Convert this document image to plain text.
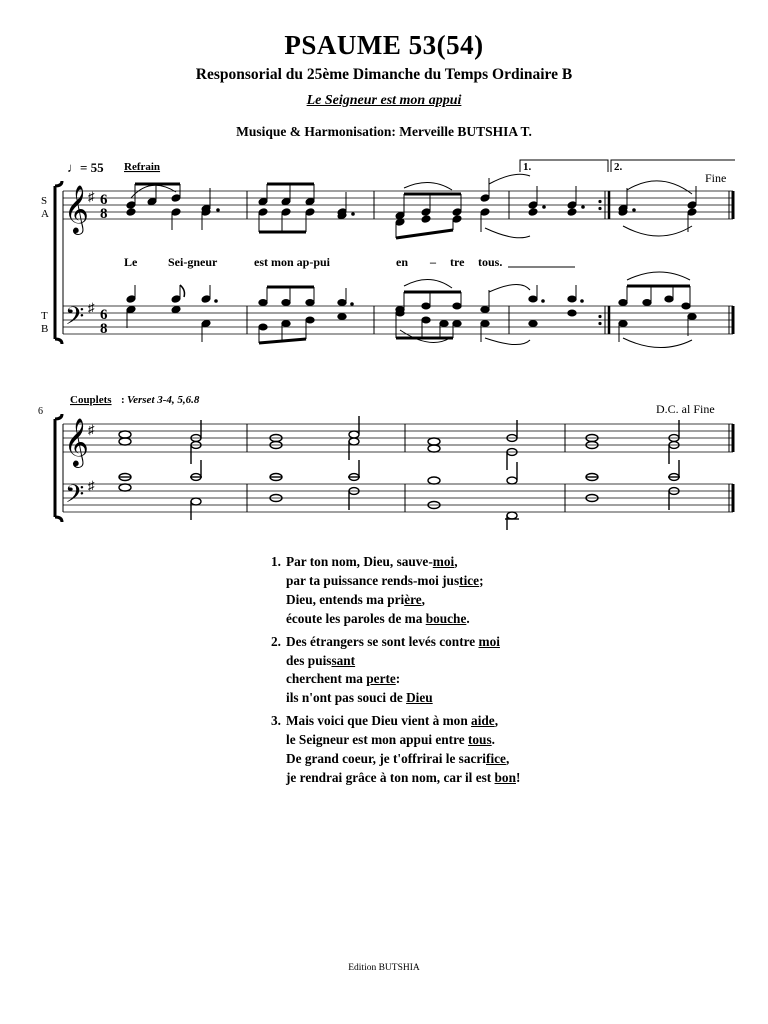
PSAUME 53(54)
Responsorial du 25ème Dimanche du Temps Ordinaire B
Le Seigneur est mon appui
Musique & Harmonisation: Merveille BUTSHIA T.
♩= 55 Refrain	1.	2.
Fine
S
A
T
B
𝄞
𝄢
♯
♯
6
8
6
8
Le	Sei-gneur	est mon ap-pui	en – tre tous.
6
Couplets : Verset 3-4, 5,6.8
D.C. al Fine
𝄞
𝄢
♯
♯
1. Par ton nom, Dieu, sauve-moi,
par ta puissance rends-moi justice;
Dieu, entends ma prière,
écoute les paroles de ma bouche.
2. Des étrangers se sont levés contre moi
des puissant
cherchent ma perte:
ils n'ont pas souci de Dieu
3. Mais voici que Dieu vient à mon aide,
le Seigneur est mon appui entre tous.
De grand coeur, je t'offrirai le sacrifice,
je rendrai grâce à ton nom, car il est bon!
Edition BUTSHIA
